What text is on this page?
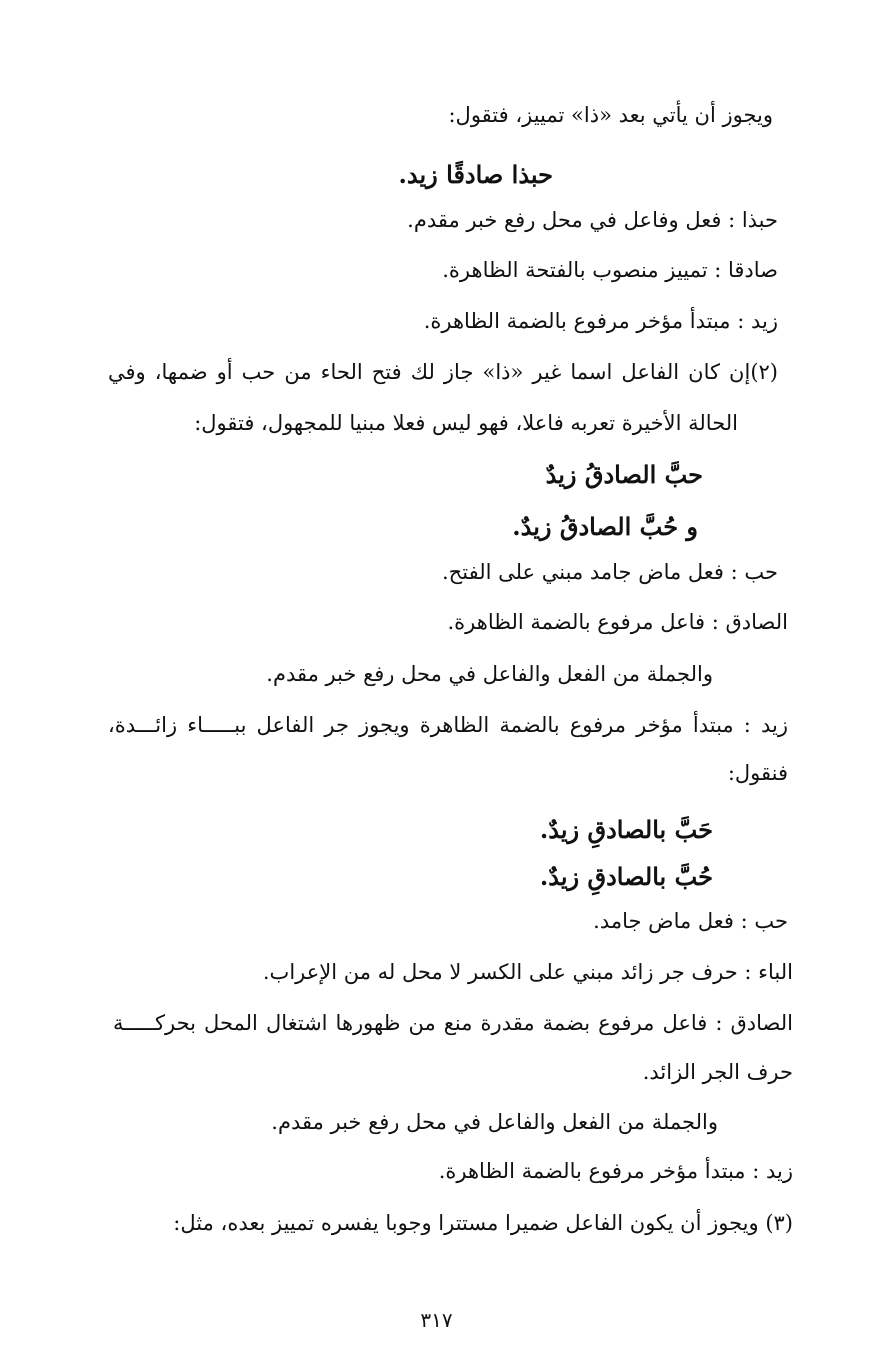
ويجوز أن يأتي بعد «ذا» تمييز، فتقول:
حبذا صادقًا زيد.
حبذا : فعل وفاعل في محل رفع خبر مقدم.
صادقا : تمييز منصوب بالفتحة الظاهرة.
زيد : مبتدأ مؤخر مرفوع بالضمة الظاهرة.
(٢)إن كان الفاعل اسما غير «ذا» جاز لك فتح الحاء من حب أو ضمها، وفي
الحالة الأخيرة تعربه فاعلا، فهو ليس فعلا مبنيا للمجهول، فتقول:
حبَّ الصادقُ زيدٌ
و حُبَّ الصادقُ زيدٌ.
حب : فعل ماض جامد مبني على الفتح.
الصادق : فاعل مرفوع بالضمة الظاهرة.
والجملة من الفعل والفاعل في محل رفع خبر مقدم.
زيد : مبتدأ مؤخر مرفوع بالضمة الظاهرة ويجوز جر الفاعل ببـــــاء زائـــدة،
فنقول:
حَبَّ بالصادقِ زيدٌ.
حُبَّ بالصادقِ زيدٌ.
حب : فعل ماض جامد.
الباء : حرف جر زائد مبني على الكسر لا محل له من الإعراب.
الصادق : فاعل مرفوع بضمة مقدرة منع من ظهورها اشتغال المحل بحركـــــة
حرف الجر الزائد.
والجملة من الفعل والفاعل في محل رفع خبر مقدم.
زيد : مبتدأ مؤخر مرفوع بالضمة الظاهرة.
(٣) ويجوز أن يكون الفاعل ضميرا مستترا وجوبا يفسره تمييز بعده، مثل:
٣١٧
